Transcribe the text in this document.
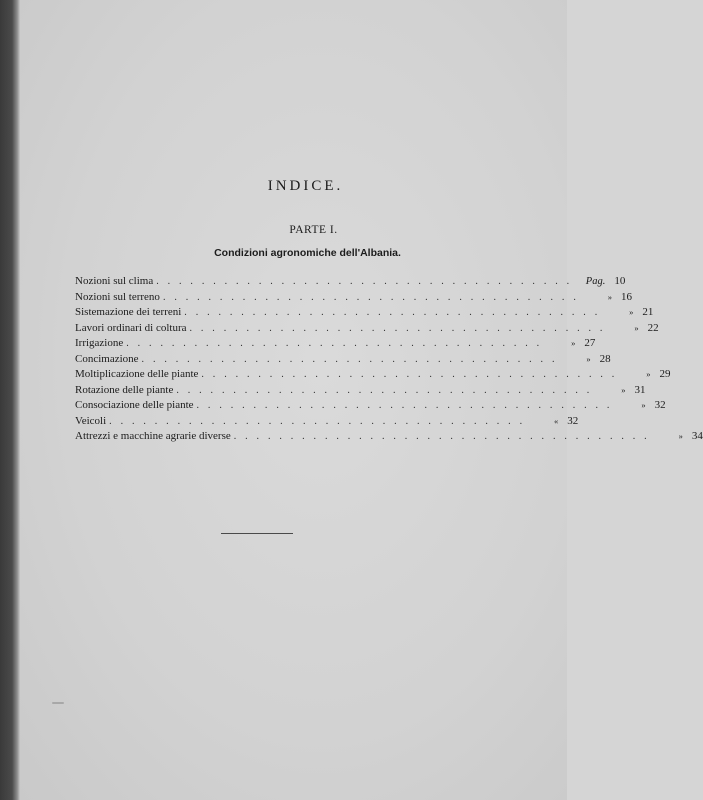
INDICE.
PARTE I.
Condizioni agronomiche dell'Albania.
Nozioni sul clima . . . . . . . . . . . . . . . . . . . . . . . . . . . . . . . . . . . . .	Pag. 10
Nozioni sul terreno . . . . . . . . . . . . . . . . . . . . . . . . . . . . . . . . . . . . .	» 16
Sistemazione dei terreni . . . . . . . . . . . . . . . . . . . . . . . . . . . . . . . . . . . . .	» 21
Lavori ordinari di coltura . . . . . . . . . . . . . . . . . . . . . . . . . . . . . . . . . . . . .	» 22
Irrigazione . . . . . . . . . . . . . . . . . . . . . . . . . . . . . . . . . . . . .	» 27
Concimazione . . . . . . . . . . . . . . . . . . . . . . . . . . . . . . . . . . . . .	» 28
Moltiplicazione delle piante . . . . . . . . . . . . . . . . . . . . . . . . . . . . . . . . . . . . .	» 29
Rotazione delle piante . . . . . . . . . . . . . . . . . . . . . . . . . . . . . . . . . . . . .	» 31
Consociazione delle piante . . . . . . . . . . . . . . . . . . . . . . . . . . . . . . . . . . . . .	» 32
Veicoli . . . . . . . . . . . . . . . . . . . . . . . . . . . . . . . . . . . . .	« 32
Attrezzi e macchine agrarie diverse . . . . . . . . . . . . . . . . . . . . . . . . . . . . . . . . . . . . .	» 34
